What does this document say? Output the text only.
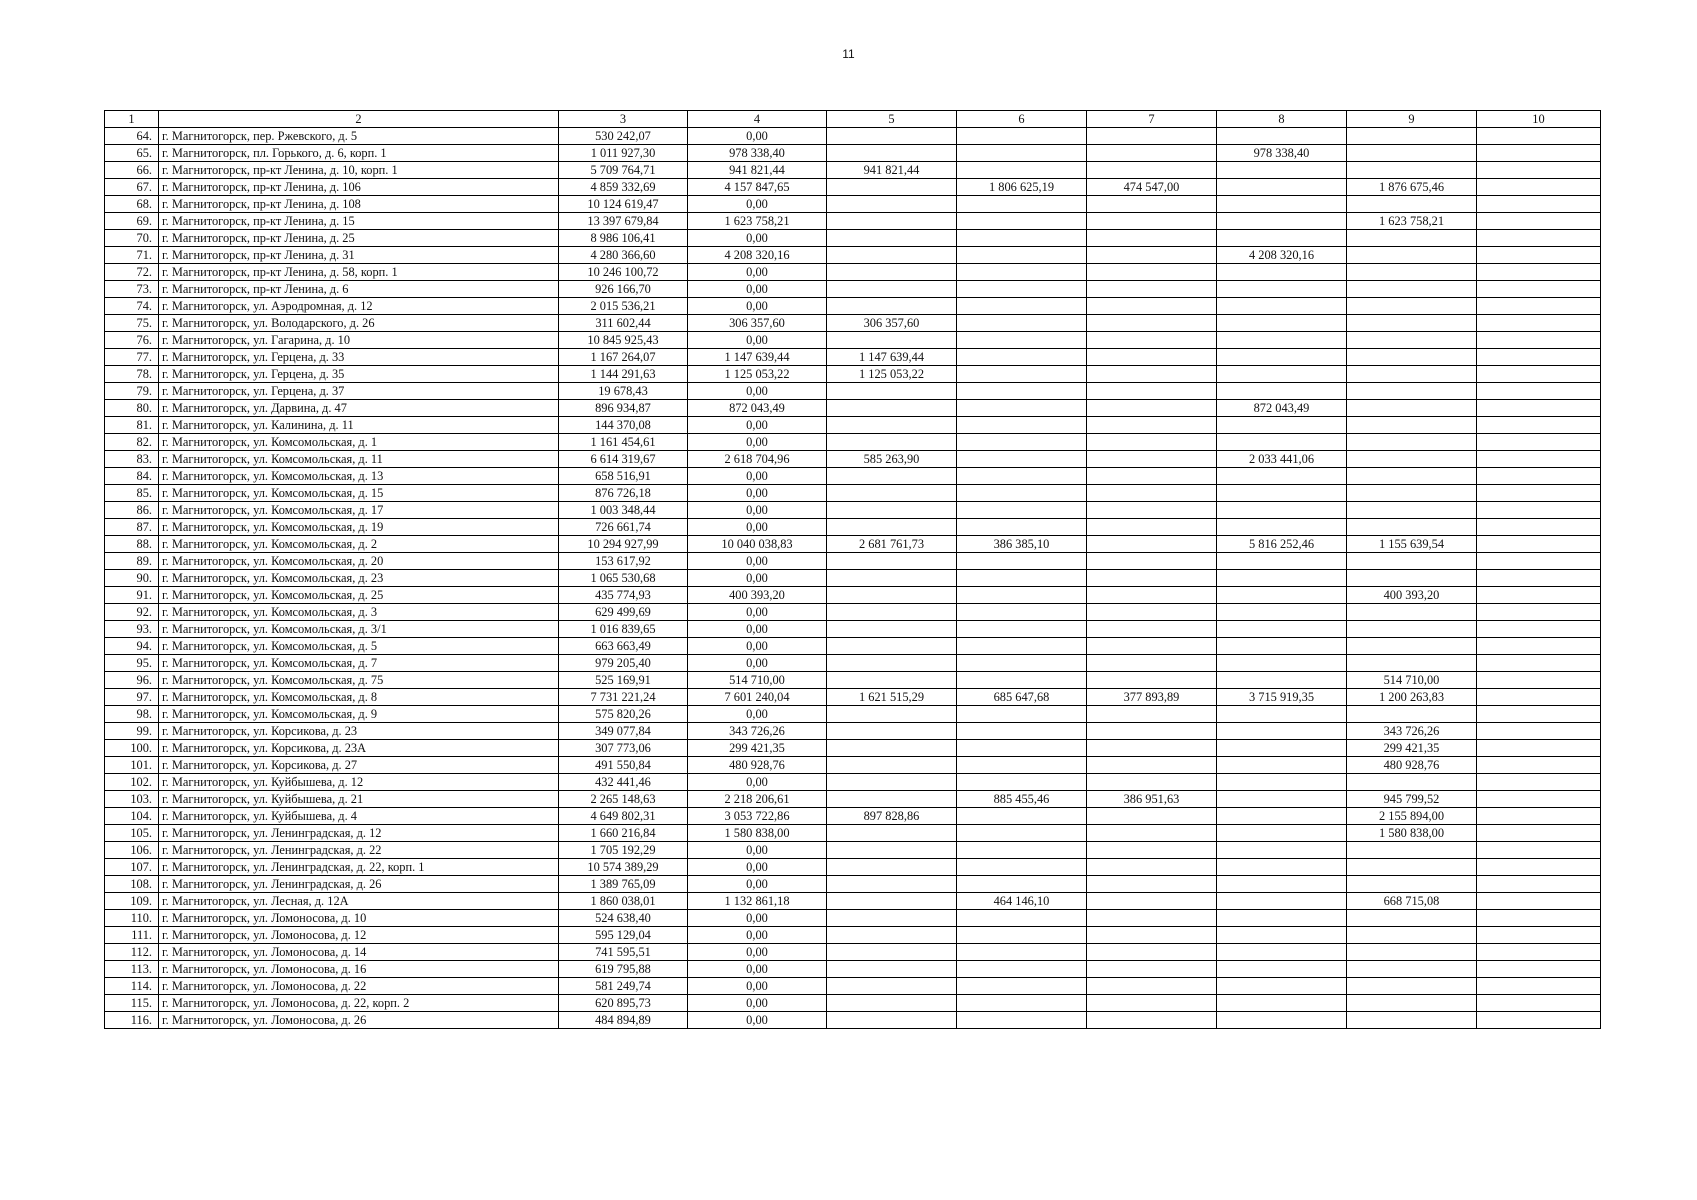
11
1	2	3	4	5	6	7	8	9	10
64.	г. Магнитогорск, пер. Ржевского, д. 5	530 242,07	0,00						
65.	г. Магнитогорск, пл. Горького, д. 6, корп. 1	1 011 927,30	978 338,40				978 338,40		
66.	г. Магнитогорск, пр-кт Ленина, д. 10, корп. 1	5 709 764,71	941 821,44	941 821,44					
67.	г. Магнитогорск, пр-кт Ленина, д. 106	4 859 332,69	4 157 847,65		1 806 625,19	474 547,00		1 876 675,46	
68.	г. Магнитогорск, пр-кт Ленина, д. 108	10 124 619,47	0,00						
69.	г. Магнитогорск, пр-кт Ленина, д. 15	13 397 679,84	1 623 758,21					1 623 758,21	
70.	г. Магнитогорск, пр-кт Ленина, д. 25	8 986 106,41	0,00						
71.	г. Магнитогорск, пр-кт Ленина, д. 31	4 280 366,60	4 208 320,16				4 208 320,16		
72.	г. Магнитогорск, пр-кт Ленина, д. 58, корп. 1	10 246 100,72	0,00						
73.	г. Магнитогорск, пр-кт Ленина, д. 6	926 166,70	0,00						
74.	г. Магнитогорск, ул. Аэродромная, д. 12	2 015 536,21	0,00						
75.	г. Магнитогорск, ул. Володарского, д. 26	311 602,44	306 357,60	306 357,60					
76.	г. Магнитогорск, ул. Гагарина, д. 10	10 845 925,43	0,00						
77.	г. Магнитогорск, ул. Герцена, д. 33	1 167 264,07	1 147 639,44	1 147 639,44					
78.	г. Магнитогорск, ул. Герцена, д. 35	1 144 291,63	1 125 053,22	1 125 053,22					
79.	г. Магнитогорск, ул. Герцена, д. 37	19 678,43	0,00						
80.	г. Магнитогорск, ул. Дарвина, д. 47	896 934,87	872 043,49				872 043,49		
81.	г. Магнитогорск, ул. Калинина, д. 11	144 370,08	0,00						
82.	г. Магнитогорск, ул. Комсомольская, д. 1	1 161 454,61	0,00						
83.	г. Магнитогорск, ул. Комсомольская, д. 11	6 614 319,67	2 618 704,96	585 263,90			2 033 441,06		
84.	г. Магнитогорск, ул. Комсомольская, д. 13	658 516,91	0,00						
85.	г. Магнитогорск, ул. Комсомольская, д. 15	876 726,18	0,00						
86.	г. Магнитогорск, ул. Комсомольская, д. 17	1 003 348,44	0,00						
87.	г. Магнитогорск, ул. Комсомольская, д. 19	726 661,74	0,00						
88.	г. Магнитогорск, ул. Комсомольская, д. 2	10 294 927,99	10 040 038,83	2 681 761,73	386 385,10		5 816 252,46	1 155 639,54	
89.	г. Магнитогорск, ул. Комсомольская, д. 20	153 617,92	0,00						
90.	г. Магнитогорск, ул. Комсомольская, д. 23	1 065 530,68	0,00						
91.	г. Магнитогорск, ул. Комсомольская, д. 25	435 774,93	400 393,20					400 393,20	
92.	г. Магнитогорск, ул. Комсомольская, д. 3	629 499,69	0,00						
93.	г. Магнитогорск, ул. Комсомольская, д. 3/1	1 016 839,65	0,00						
94.	г. Магнитогорск, ул. Комсомольская, д. 5	663 663,49	0,00						
95.	г. Магнитогорск, ул. Комсомольская, д. 7	979 205,40	0,00						
96.	г. Магнитогорск, ул. Комсомольская, д. 75	525 169,91	514 710,00					514 710,00	
97.	г. Магнитогорск, ул. Комсомольская, д. 8	7 731 221,24	7 601 240,04	1 621 515,29	685 647,68	377 893,89	3 715 919,35	1 200 263,83	
98.	г. Магнитогорск, ул. Комсомольская, д. 9	575 820,26	0,00						
99.	г. Магнитогорск, ул. Корсикова, д. 23	349 077,84	343 726,26					343 726,26	
100.	г. Магнитогорск, ул. Корсикова, д. 23А	307 773,06	299 421,35					299 421,35	
101.	г. Магнитогорск, ул. Корсикова, д. 27	491 550,84	480 928,76					480 928,76	
102.	г. Магнитогорск, ул. Куйбышева, д. 12	432 441,46	0,00						
103.	г. Магнитогорск, ул. Куйбышева, д. 21	2 265 148,63	2 218 206,61		885 455,46	386 951,63		945 799,52	
104.	г. Магнитогорск, ул. Куйбышева, д. 4	4 649 802,31	3 053 722,86	897 828,86				2 155 894,00	
105.	г. Магнитогорск, ул. Ленинградская, д. 12	1 660 216,84	1 580 838,00					1 580 838,00	
106.	г. Магнитогорск, ул. Ленинградская, д. 22	1 705 192,29	0,00						
107.	г. Магнитогорск, ул. Ленинградская, д. 22, корп. 1	10 574 389,29	0,00						
108.	г. Магнитогорск, ул. Ленинградская, д. 26	1 389 765,09	0,00						
109.	г. Магнитогорск, ул. Лесная, д. 12А	1 860 038,01	1 132 861,18		464 146,10			668 715,08	
110.	г. Магнитогорск, ул. Ломоносова, д. 10	524 638,40	0,00						
111.	г. Магнитогорск, ул. Ломоносова, д. 12	595 129,04	0,00						
112.	г. Магнитогорск, ул. Ломоносова, д. 14	741 595,51	0,00						
113.	г. Магнитогорск, ул. Ломоносова, д. 16	619 795,88	0,00						
114.	г. Магнитогорск, ул. Ломоносова, д. 22	581 249,74	0,00						
115.	г. Магнитогорск, ул. Ломоносова, д. 22, корп. 2	620 895,73	0,00						
116.	г. Магнитогорск, ул. Ломоносова, д. 26	484 894,89	0,00						
